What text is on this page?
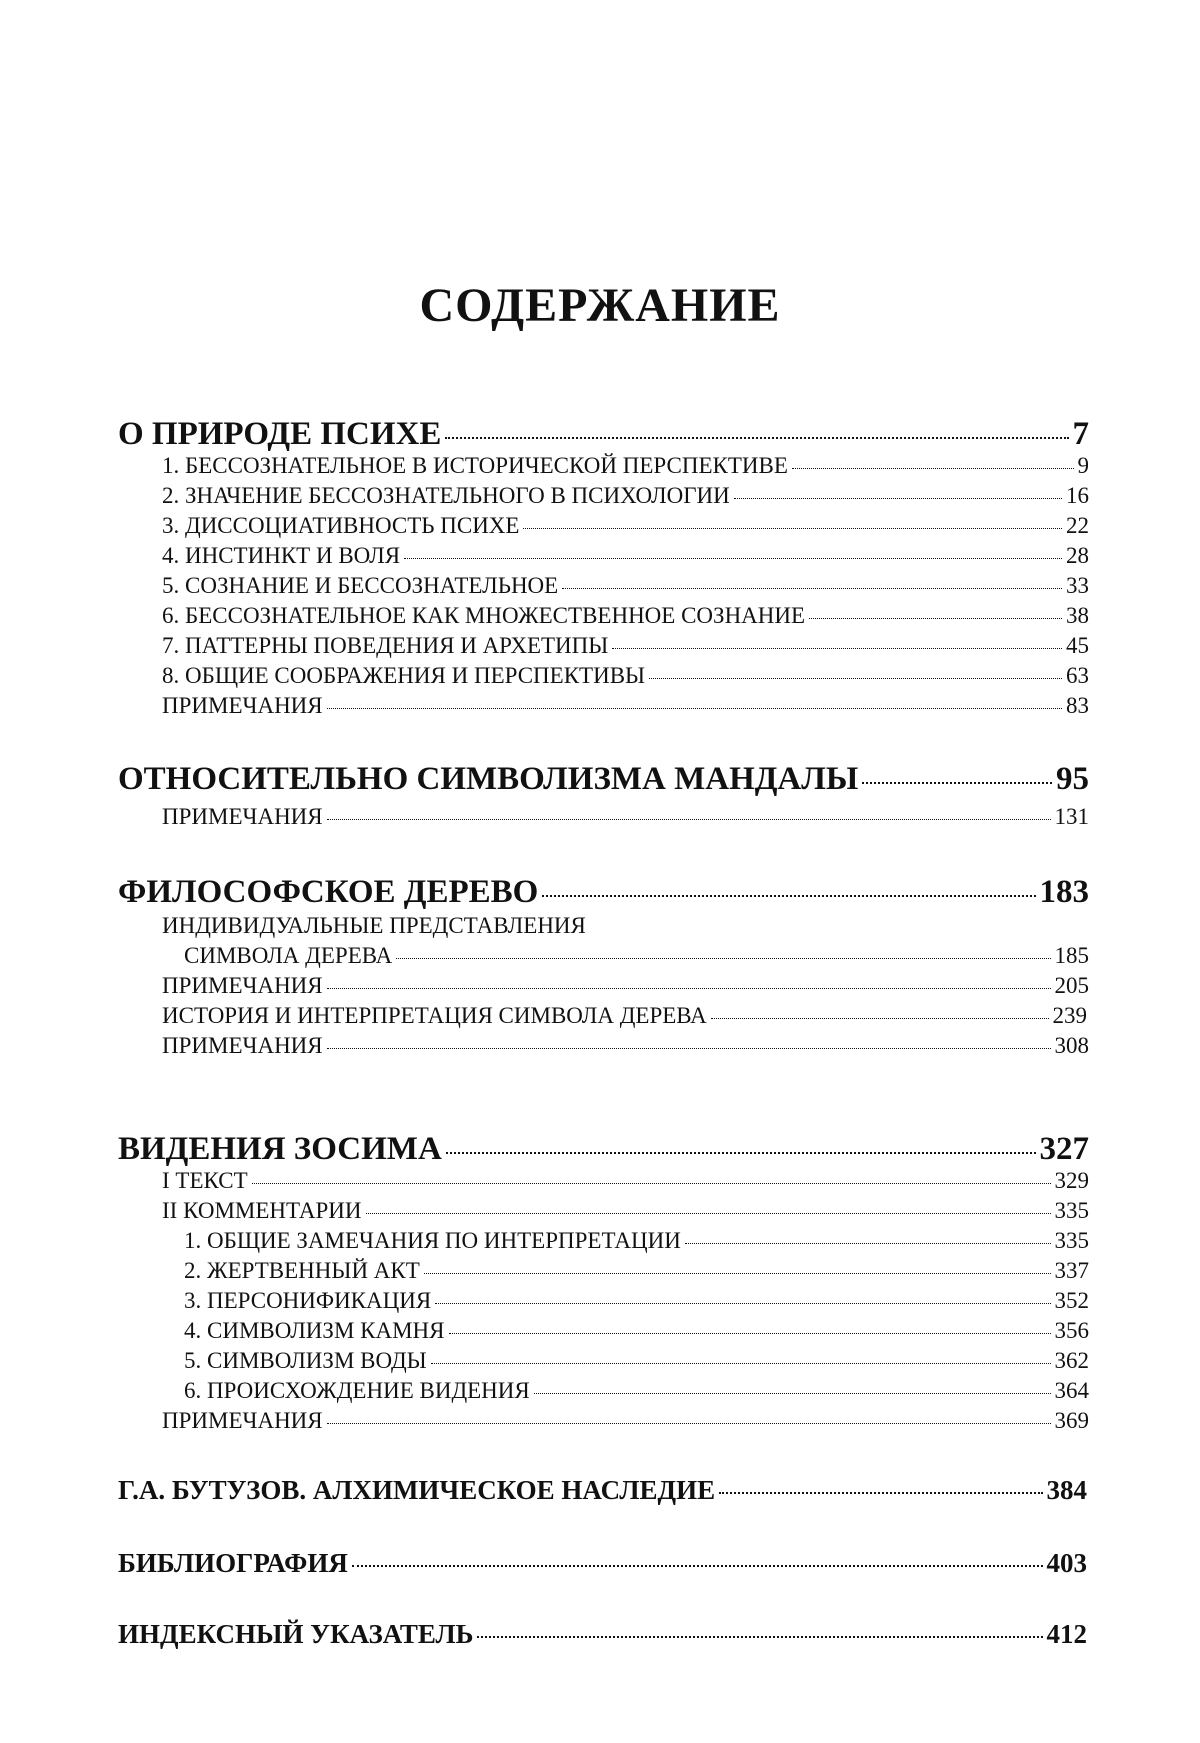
СОДЕРЖАНИЕ
О ПРИРОДЕ ПСИХЕ	7
1. БЕССОЗНАТЕЛЬНОЕ В ИСТОРИЧЕСКОЙ ПЕРСПЕКТИВЕ	9
2. ЗНАЧЕНИЕ БЕССОЗНАТЕЛЬНОГО В ПСИХОЛОГИИ	16
3. ДИССОЦИАТИВНОСТЬ ПСИХЕ	22
4. ИНСТИНКТ И ВОЛЯ	28
5. СОЗНАНИЕ И БЕССОЗНАТЕЛЬНОЕ	33
6. БЕССОЗНАТЕЛЬНОЕ КАК МНОЖЕСТВЕННОЕ СОЗНАНИЕ	38
7. ПАТТЕРНЫ ПОВЕДЕНИЯ И АРХЕТИПЫ	45
8. ОБЩИЕ СООБРАЖЕНИЯ И ПЕРСПЕКТИВЫ	63
ПРИМЕЧАНИЯ	83
ОТНОСИТЕЛЬНО СИМВОЛИЗМА МАНДАЛЫ	95
ПРИМЕЧАНИЯ	131
ФИЛОСОФСКОЕ ДЕРЕВО	183
ИНДИВИДУАЛЬНЫЕ ПРЕДСТАВЛЕНИЯ
СИМВОЛА ДЕРЕВА	185
ПРИМЕЧАНИЯ	205
ИСТОРИЯ И ИНТЕРПРЕТАЦИЯ СИМВОЛА ДЕРЕВА	239
ПРИМЕЧАНИЯ	308
ВИДЕНИЯ ЗОСИМА	327
I ТЕКСТ	329
II КОММЕНТАРИИ	335
1. ОБЩИЕ ЗАМЕЧАНИЯ ПО ИНТЕРПРЕТАЦИИ	335
2. ЖЕРТВЕННЫЙ АКТ	337
3. ПЕРСОНИФИКАЦИЯ	352
4. СИМВОЛИЗМ КАМНЯ	356
5. СИМВОЛИЗМ ВОДЫ	362
6. ПРОИСХОЖДЕНИЕ ВИДЕНИЯ	364
ПРИМЕЧАНИЯ	369
Г.А. БУТУЗОВ. АЛХИМИЧЕСКОЕ НАСЛЕДИЕ	384
БИБЛИОГРАФИЯ	403
ИНДЕКСНЫЙ УКАЗАТЕЛЬ	412
